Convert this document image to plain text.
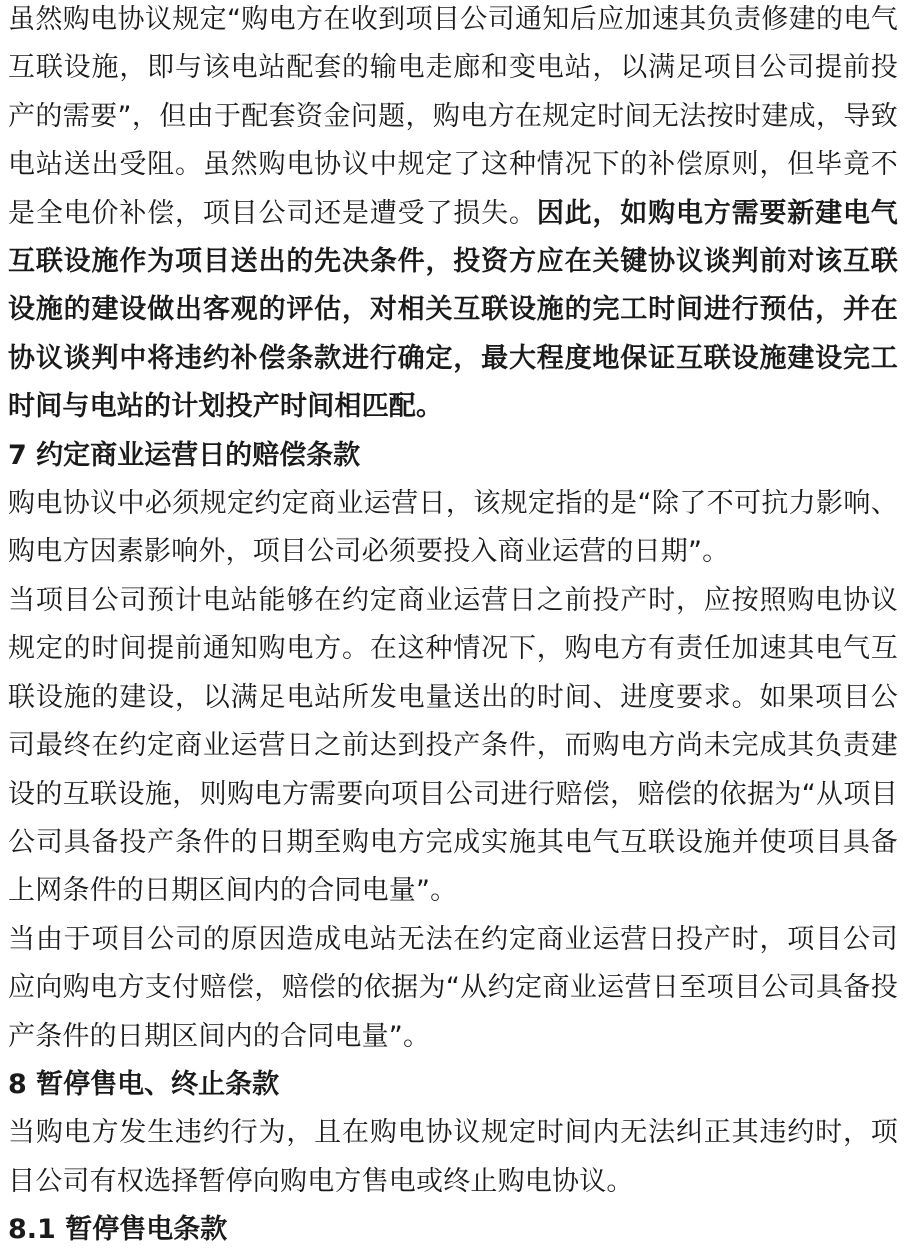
虽然购电协议规定“购电方在收到项目公司通知后应加速其负责修建的电气互联设施，即与该电站配套的输电走廊和变电站，以满足项目公司提前投产的需要”，但由于配套资金问题，购电方在规定时间无法按时建成，导致电站送出受阻。虽然购电协议中规定了这种情况下的补偿原则，但毕竟不是全电价补偿，项目公司还是遭受了损失。因此，如购电方需要新建电气互联设施作为项目送出的先决条件，投资方应在关键协议谈判前对该互联设施的建设做出客观的评估，对相关互联设施的完工时间进行预估，并在协议谈判中将违约补偿条款进行确定，最大程度地保证互联设施建设完工时间与电站的计划投产时间相匹配。

7 约定商业运营日的赔偿条款

购电协议中必须规定约定商业运营日，该规定指的是“除了不可抗力影响、购电方因素影响外，项目公司必须要投入商业运营的日期”。

当项目公司预计电站能够在约定商业运营日之前投产时，应按照购电协议规定的时间提前通知购电方。在这种情况下，购电方有责任加速其电气互联设施的建设，以满足电站所发电量送出的时间、进度要求。如果项目公司最终在约定商业运营日之前达到投产条件，而购电方尚未完成其负责建设的互联设施，则购电方需要向项目公司进行赔偿，赔偿的依据为“从项目公司具备投产条件的日期至购电方完成实施其电气互联设施并使项目具备上网条件的日期区间内的合同电量”。

当由于项目公司的原因造成电站无法在约定商业运营日投产时，项目公司应向购电方支付赔偿，赔偿的依据为“从约定商业运营日至项目公司具备投产条件的日期区间内的合同电量”。

8 暂停售电、终止条款

当购电方发生违约行为，且在购电协议规定时间内无法纠正其违约时，项目公司有权选择暂停向购电方售电或终止购电协议。

8.1 暂停售电条款
